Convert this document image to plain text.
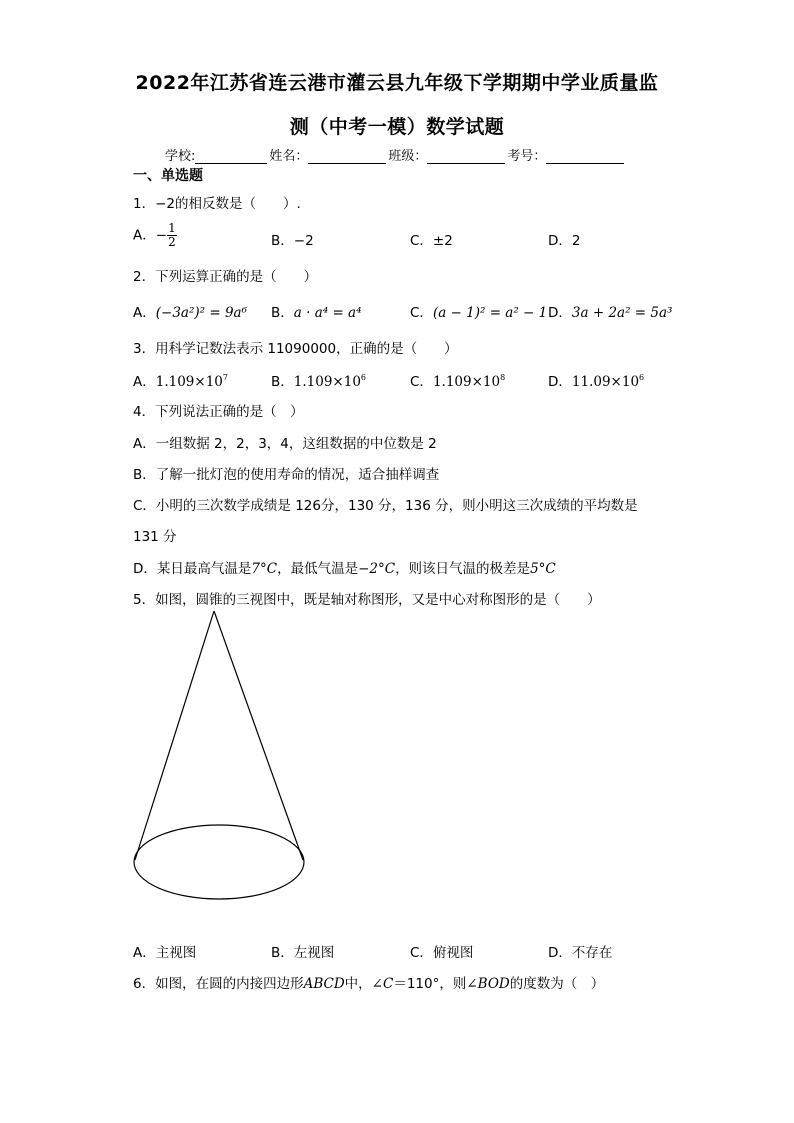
2022年江苏省连云港市灌云县九年级下学期期中学业质量监
测（中考一模）数学试题
学校:	姓名：	班级：	考号：
一、单选题
1．−2的相反数是（　　）.
A．− $\frac{1}{2}$	B．−2	C．±2	D．2
2．下列运算正确的是（　　）
A．(−3a²)² = 9a⁶ B．a · a⁴ = a⁴	C．(a − 1)² = a² − 1 D．3a + 2a² = 5a³
3．用科学记数法表示 11090000，正确的是（　　）
A．$1.109\times 10^7$	B．$1.109\times 10^6$	C．$1.109\times 10^8$	D．$11.09\times 10^6$
4．下列说法正确的是（　）
A．一组数据 2，2，3，4，这组数据的中位数是 2
B．了解一批灯泡的使用寿命的情况，适合抽样调查
C．小明的三次数学成绩是 126分，130 分，136 分，则小明这三次成绩的平均数是
131 分
D．某日最高气温是7°C，最低气温是−2°C，则该日气温的极差是5°C
5．如图，圆锥的三视图中，既是轴对称图形，又是中心对称图形的是（　　）
A．主视图	B．左视图	C．俯视图	D．不存在
6．如图，在圆的内接四边形ABCD中，∠C＝110°，则∠BOD的度数为（　）
